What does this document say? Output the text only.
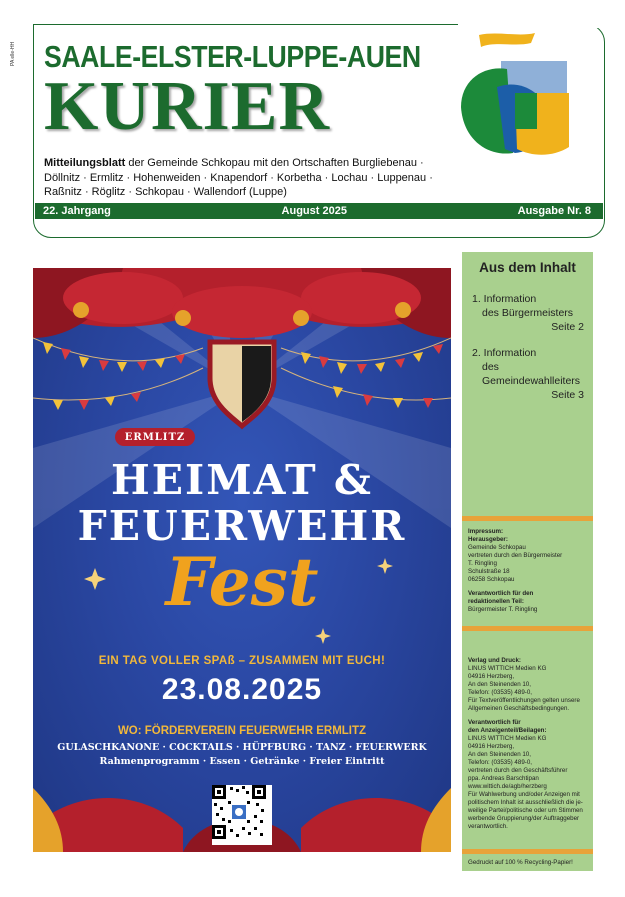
PA elle-HH SAALE-ELSTER-LUPPE-AUEN
KURIER
Mitteilungsblatt der Gemeinde Schkopau mit den Ortschaften Burgliebenau · Döllnitz · Ermlitz · Hohenweiden · Knapendorf · Korbetha · Lochau · Luppenau · Raßnitz · Röglitz · Schkopau · Wallendorf (Luppe)
22. Jahrgang	August 2025	Ausgabe Nr. 8
ERMLITZ
HEIMAT &
FEUERWEHR
Fest
EIN TAG VOLLER SPAß – ZUSAMMEN MIT EUCH!
23.08.2025
WO: FÖRDERVEREIN FEUERWEHR ERMLITZ
GULASCHKANONE · COCKTAILS · HÜPFBURG · TANZ · FEUERWERK
Rahmenprogramm · Essen · Getränke · Freier Eintritt
Aus dem Inhalt
1. Information
des Bürgermeisters
Seite 2
2. Information
des Gemeindewahlleiters
Seite 3
Impressum:
Herausgeber:
Gemeinde Schkopau
vertreten durch den Bürgermeister
T. Ringling
Schulstraße 18
06258 Schkopau
Verantwortlich für den
redaktionellen Teil:
Bürgermeister T. Ringling
Verlag und Druck:
LINUS WITTICH Medien KG
04916 Herzberg,
An den Steinenden 10,
Telefon: (03535) 489-0,
Für Textveröffentlichungen gelten unsere
Allgemeinen Geschäftsbedingungen.
Verantwortlich für
den Anzeigenteil/Beilagen:
LINUS WITTICH Medien KG
04916 Herzberg,
An den Steinenden 10,
Telefon: (03535) 489-0,
vertreten durch den Geschäftsführer
ppa. Andreas Barschtipan
www.wittich.de/agb/herzberg
Für Wahlwerbung und/oder Anzeigen mit
politischem Inhalt ist ausschließlich die je-
weilige Partei/politische oder um Stimmen
werbende Gruppierung/der Auftraggeber
verantwortlich.
Gedruckt auf 100 % Recycling-Papier!
